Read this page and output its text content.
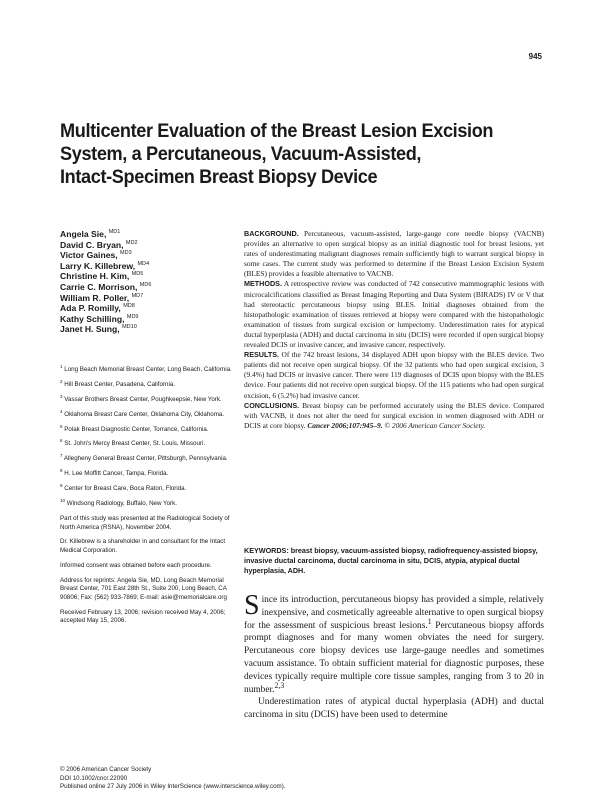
945
Multicenter Evaluation of the Breast Lesion Excision
System, a Percutaneous, Vacuum-Assisted,
Intact-Specimen Breast Biopsy Device
Angela Sie, $^{MD1}$
David C. Bryan, $^{MD2}$
Victor Gaines, $^{MD3}$
Larry K. Killebrew, $^{MD4}$
Christine H. Kim, $^{MD5}$
Carrie C. Morrison, $^{MD6}$
William R. Poller, $^{MD7}$
Ada P. Romilly, $^{MD8}$
Kathy Schilling, $^{MD9}$
Janet H. Sung, $^{MD10}$
$^1$ Long Beach Memorial Breast Center, Long Beach, California.
$^2$ Hill Breast Center, Pasadena, California.
$^3$ Vassar Brothers Breast Center, Poughkeepsie, New York.
$^4$ Oklahoma Breast Care Center, Oklahoma City, Oklahoma.
$^5$ Polak Breast Diagnostic Center, Torrance, California.
$^6$ St. John's Mercy Breast Center, St. Louis, Missouri.
$^7$ Allegheny General Breast Center, Pittsburgh, Pennsylvania.
$^8$ H. Lee Moffitt Cancer, Tampa, Florida.
$^9$ Center for Breast Care, Boca Raton, Florida.
$^{10}$ Windsong Radiology, Buffalo, New York.
Part of this study was presented at the Radiological Society of North America (RSNA), November 2004.
Dr. Killebrew is a shareholder in and consultant for the Intact Medical Corporation.
Informed consent was obtained before each procedure.
Address for reprints: Angela Sie, MD, Long Beach Memorial Breast Center, 701 East 28th St., Suite 200, Long Beach, CA 90806; Fax: (562) 933-7869; E-mail: asie@memorialcare.org
Received February 13, 2006; revision received May 4, 2006; accepted May 15, 2006.

BACKGROUND. Percutaneous, vacuum-assisted, large-gauge core needle biopsy (VACNB) provides an alternative to open surgical biopsy as an initial diagnostic tool for breast lesions, yet rates of underestimating malignant diagnoses remain sufficiently high to warrant surgical biopsy in some cases. The current study was performed to determine if the Breast Lesion Excision System (BLES) provides a feasible alternative to VACNB.

METHODS. A retrospective review was conducted of 742 consecutive mammographic lesions with microcalcifications classified as Breast Imaging Reporting and Data System (BIRADS) IV or V that had stereotactic percutaneous biopsy using BLES. Initial diagnoses obtained from the histopathologic examination of tissues retrieved at biopsy were compared with the histopathologic examination of tissues from surgical excision or lumpectomy. Underestimation rates for atypical ductal hyperplasia (ADH) and ductal carcinoma in situ (DCIS) were recorded if open surgical biopsy revealed DCIS or invasive cancer, and invasive cancer, respectively.

RESULTS. Of the 742 breast lesions, 34 displayed ADH upon biopsy with the BLES device. Two patients did not receive open surgical biopsy. Of the 32 patients who had open surgical excision, 3 (9.4%) had DCIS or invasive cancer. There were 119 diagnoses of DCIS upon biopsy with the BLES device. Four patients did not receive open surgical biopsy. Of the 115 patients who had open surgical excision, 6 (5.2%) had invasive cancer.

CONCLUSIONS. Breast biopsy can be performed accurately using the BLES device. Compared with VACNB, it does not alter the need for surgical excision in women diagnosed with ADH or DCIS at core biopsy. Cancer 2006;107:945–9. © 2006 American Cancer Society.

KEYWORDS: breast biopsy, vacuum-assisted biopsy, radiofrequency-assisted biopsy, invasive ductal carcinoma, ductal carcinoma in situ, DCIS, atypia, atypical ductal hyperplasia, ADH.

Since its introduction, percutaneous biopsy has provided a simple, relatively inexpensive, and cosmetically agreeable alternative to open surgical biopsy for the assessment of suspicious breast lesions.$^1$ Percutaneous biopsy affords prompt diagnoses and for many women obviates the need for surgery. Percutaneous core biopsy devices use large-gauge needles and sometimes vacuum assistance. To obtain sufficient material for diagnostic purposes, these devices typically require multiple core tissue samples, ranging from 3 to 20 in number.$^{2,3}$

Underestimation rates of atypical ductal hyperplasia (ADH) and ductal carcinoma in situ (DCIS) have been used to determine

© 2006 American Cancer Society
DOI 10.1002/cncr.22090
Published online 27 July 2006 in Wiley InterScience (www.interscience.wiley.com).
